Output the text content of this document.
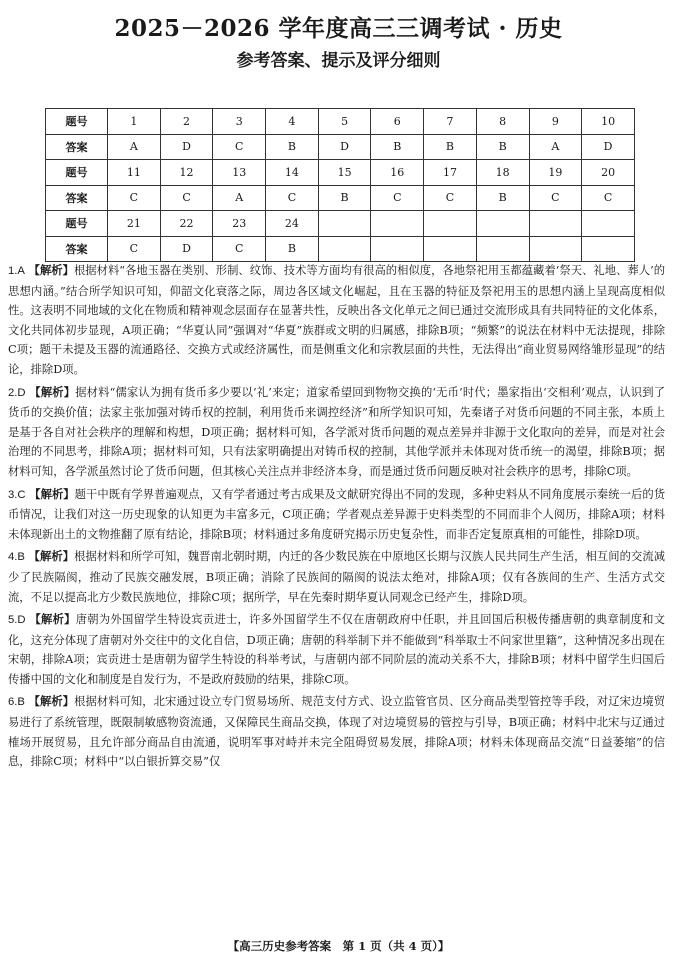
2025－2026 学年度高三三调考试 · 历史
参考答案、提示及评分细则
题号	1	2	3	4	5	6	7	8	9	10
答案	A	D	C	B	D	B	B	B	A	D
题号	11	12	13	14	15	16	17	18	19	20
答案	C	C	A	C	B	C	C	B	C	C
题号	21	22	23	24						
答案	C	D	C	B						

1.A 【解析】根据材料“各地玉器在类别、形制、纹饰、技术等方面均有很高的相似度，各地祭祀用玉都蕴藏着‘祭天、礼地、葬人’的思想内涵。”结合所学知识可知，仰韶文化衰落之际，周边各区域文化崛起，且在玉器的特征及祭祀用玉的思想内涵上呈现高度相似性。这表明不同地域的文化在物质和精神观念层面存在显著共性，反映出各文化单元之间已通过交流形成具有共同特征的文化体系，文化共同体初步显现，A项正确；“华夏认同”强调对“华夏”族群或文明的归属感，排除B项；“频繁”的说法在材料中无法提现，排除C项；题干未提及玉器的流通路径、交换方式或经济属性，而是侧重文化和宗教层面的共性，无法得出“商业贸易网络雏形显现”的结论，排除D项。

2.D 【解析】据材料“儒家认为拥有货币多少要以‘礼’来定；道家希望回到物物交换的‘无币’时代；墨家指出‘交相利’观点，认识到了货币的交换价值；法家主张加强对铸币权的控制，利用货币来调控经济”和所学知识可知，先秦诸子对货币问题的不同主张，本质上是基于各自对社会秩序的理解和构想，D项正确；据材料可知，各学派对货币问题的观点差异并非源于文化取向的差异，而是对社会治理的不同思考，排除A项；据材料可知，只有法家明确提出对铸币权的控制，其他学派并未体现对货币统一的渴望，排除B项；据材料可知，各学派虽然讨论了货币问题，但其核心关注点并非经济本身，而是通过货币问题反映对社会秩序的思考，排除C项。

3.C 【解析】题干中既有学界普遍观点，又有学者通过考古成果及文献研究得出不同的发现，多种史料从不同角度展示秦统一后的货币情况，让我们对这一历史现象的认知更为丰富多元，C项正确；学者观点差异源于史料类型的不同而非个人阅历，排除A项；材料未体现新出土的文物推翻了原有结论，排除B项；材料通过多角度研究揭示历史复杂性，而非否定复原真相的可能性，排除D项。

4.B 【解析】根据材料和所学可知，魏晋南北朝时期，内迁的各少数民族在中原地区长期与汉族人民共同生产生活，相互间的交流减少了民族隔阂，推动了民族交融发展，B项正确；消除了民族间的隔阂的说法太绝对，排除A项；仅有各族间的生产、生活方式交流，不足以提高北方少数民族地位，排除C项；据所学，早在先秦时期华夏认同观念已经产生，排除D项。

5.D 【解析】唐朝为外国留学生特设宾贡进士，许多外国留学生不仅在唐朝政府中任职，并且回国后积极传播唐朝的典章制度和文化，这充分体现了唐朝对外交往中的文化自信，D项正确；唐朝的科举制下并不能做到“科举取士不问家世里籍”，这种情况多出现在宋朝，排除A项；宾贡进士是唐朝为留学生特设的科举考试，与唐朝内部不同阶层的流动关系不大，排除B项；材料中留学生归国后传播中国的文化和制度是自发行为，不是政府鼓励的结果，排除C项。

6.B 【解析】根据材料可知，北宋通过设立专门贸易场所、规范支付方式、设立监管官员、区分商品类型管控等手段，对辽宋边境贸易进行了系统管理，既限制敏感物资流通，又保障民生商品交换，体现了对边境贸易的管控与引导，B项正确；材料中北宋与辽通过榷场开展贸易，且允许部分商品自由流通，说明军事对峙并未完全阻碍贸易发展，排除A项；材料未体现商品交流“日益萎缩”的信息，排除C项；材料中“以白银折算交易”仅

【高三历史参考答案　第 1 页（共 4 页）】
